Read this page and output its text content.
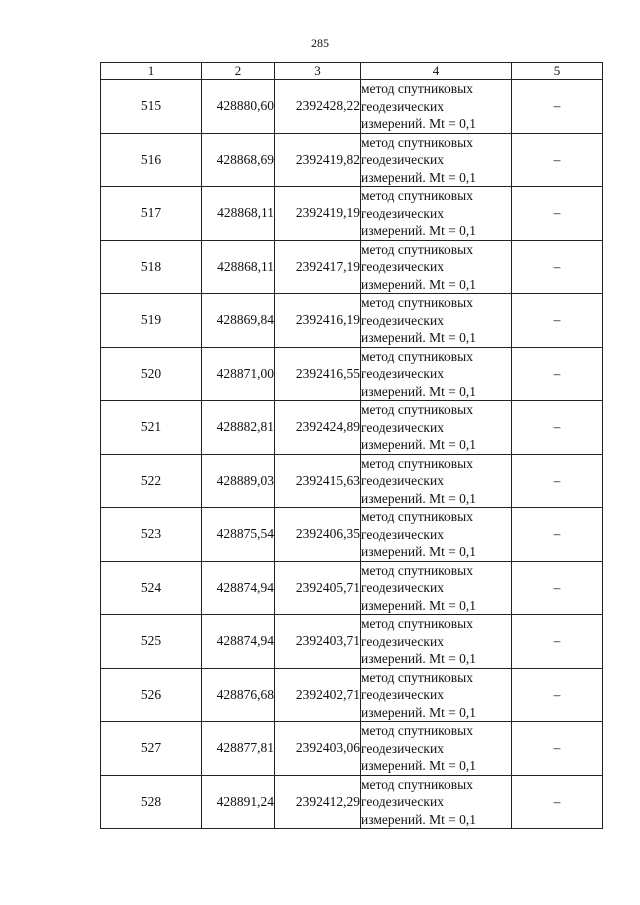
285
1	2	3	4	5
515	428880,60	2392428,22	метод спутниковых
геодезических
измерений. Mt = 0,1	–
516	428868,69	2392419,82	метод спутниковых
геодезических
измерений. Mt = 0,1	–
517	428868,11	2392419,19	метод спутниковых
геодезических
измерений. Mt = 0,1	–
518	428868,11	2392417,19	метод спутниковых
геодезических
измерений. Mt = 0,1	–
519	428869,84	2392416,19	метод спутниковых
геодезических
измерений. Mt = 0,1	–
520	428871,00	2392416,55	метод спутниковых
геодезических
измерений. Mt = 0,1	–
521	428882,81	2392424,89	метод спутниковых
геодезических
измерений. Mt = 0,1	–
522	428889,03	2392415,63	метод спутниковых
геодезических
измерений. Mt = 0,1	–
523	428875,54	2392406,35	метод спутниковых
геодезических
измерений. Mt = 0,1	–
524	428874,94	2392405,71	метод спутниковых
геодезических
измерений. Mt = 0,1	–
525	428874,94	2392403,71	метод спутниковых
геодезических
измерений. Mt = 0,1	–
526	428876,68	2392402,71	метод спутниковых
геодезических
измерений. Mt = 0,1	–
527	428877,81	2392403,06	метод спутниковых
геодезических
измерений. Mt = 0,1	–
528	428891,24	2392412,29	метод спутниковых
геодезических
измерений. Mt = 0,1	–
